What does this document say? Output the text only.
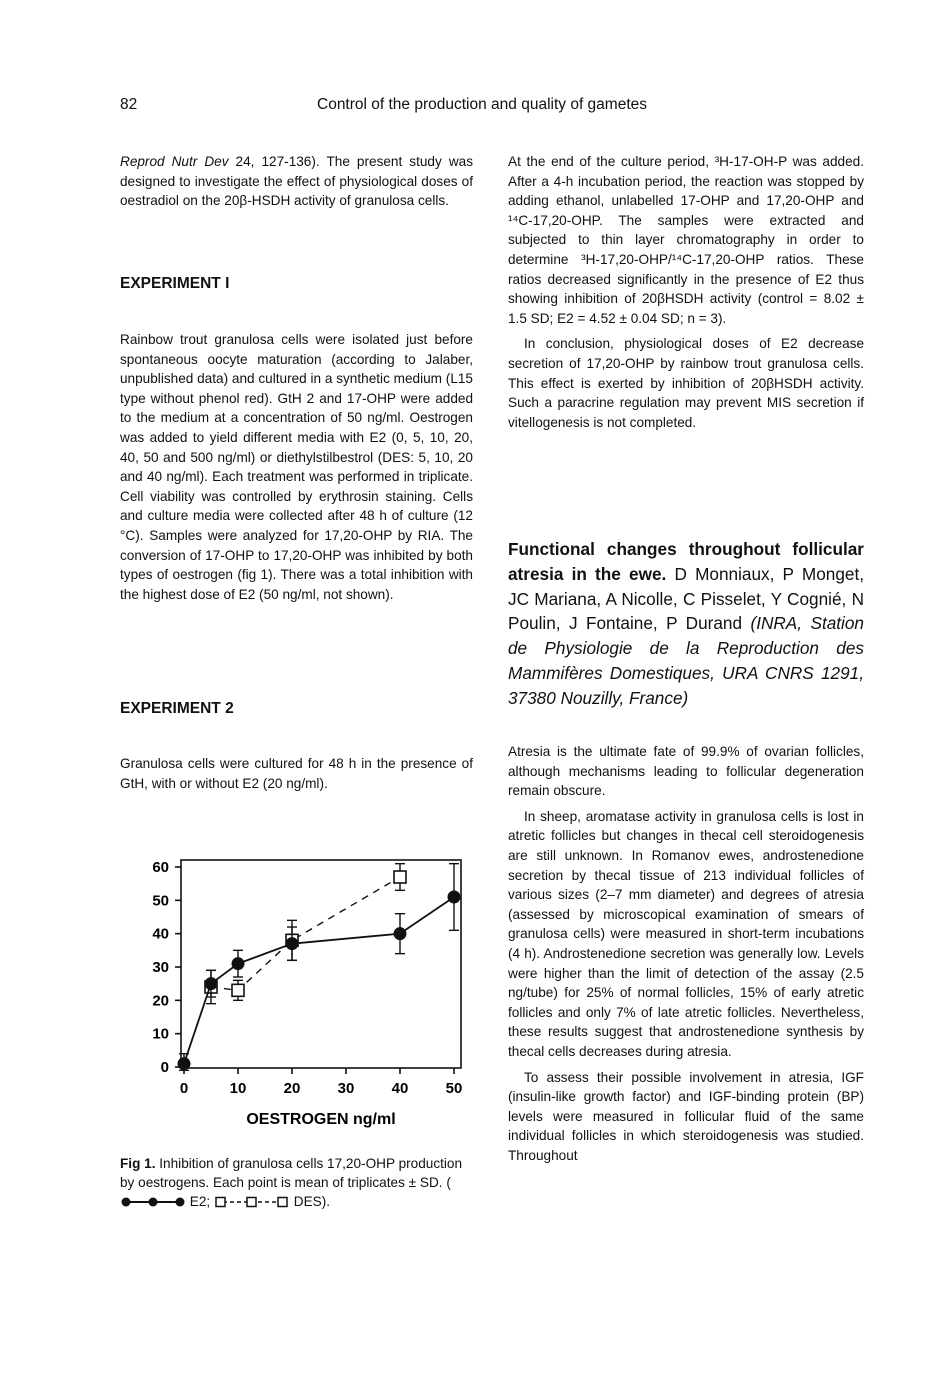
82	Control of the production and quality of gametes

Reprod Nutr Dev 24, 127-136). The present study was designed to investigate the effect of physiological doses of oestradiol on the 20β-HSDH activity of granulosa cells.

EXPERIMENT I

Rainbow trout granulosa cells were isolated just before spontaneous oocyte maturation (according to Jalaber, unpublished data) and cultured in a synthetic medium (L15 type without phenol red). GtH 2 and 17-OHP were added to the medium at a concentration of 50 ng/ml. Oestrogen was added to yield different media with E2 (0, 5, 10, 20, 40, 50 and 500 ng/ml) or diethylstilbestrol (DES: 5, 10, 20 and 40 ng/ml). Each treatment was performed in triplicate. Cell viability was controlled by erythrosin staining. Cells and culture media were collected after 48 h of culture (12 °C). Samples were analyzed for 17,20-OHP by RIA. The conversion of 17-OHP to 17,20-OHP was inhibited by both types of oestrogen (fig 1). There was a total inhibition with the highest dose of E2 (50 ng/ml, not shown).

EXPERIMENT 2

Granulosa cells were cultured for 48 h in the presence of GtH, with or without E2 (20 ng/ml).

0
10
20
30
40
50
60
0	10 20 30 40 50
OESTROGEN ng/ml
Fig 1. Inhibition of granulosa cells 17,20-OHP production by oestrogens. Each point is mean of triplicates ± SD. ( E2;	DES).

At the end of the culture period, ³H-17-OH-P was added. After a 4-h incubation period, the reaction was stopped by adding ethanol, unlabelled 17-OHP and 17,20-OHP and ¹⁴C-17,20-OHP. The samples were extracted and subjected to thin layer chromatography in order to determine ³H-17,20-OHP/¹⁴C-17,20-OHP ratios. These ratios decreased significantly in the presence of E2 thus showing inhibition of 20βHSDH activity (control = 8.02 ± 1.5 SD; E2 = 4.52 ± 0.04 SD; n = 3).

In conclusion, physiological doses of E2 decrease secretion of 17,20-OHP by rainbow trout granulosa cells. This effect is exerted by inhibition of 20βHSDH activity. Such a paracrine regulation may prevent MIS secretion if vitellogenesis is not completed.

Functional changes throughout follicular atresia in the ewe. D Monniaux, P Monget, JC Mariana, A Nicolle, C Pisselet, Y Cognié, N Poulin, J Fontaine, P Durand (INRA, Station de Physiologie de la Reproduction des Mammifères Domestiques, URA CNRS 1291, 37380 Nouzilly, France)

Atresia is the ultimate fate of 99.9% of ovarian follicles, although mechanisms leading to follicular degeneration remain obscure.

In sheep, aromatase activity in granulosa cells is lost in atretic follicles but changes in thecal cell steroidogenesis are still unknown. In Romanov ewes, androstenedione secretion by thecal tissue of 213 individual follicles of various sizes (2–7 mm diameter) and degrees of atresia (assessed by microscopical examination of smears of granulosa cells) were measured in short-term incubations (4 h). Androstenedione secretion was generally low. Levels were higher than the limit of detection of the assay (2.5 ng/tube) for 25% of normal follicles, 15% of early atretic follicles and only 7% of late atretic follicles. Nevertheless, these results suggest that androstenedione synthesis by thecal cells decreases during atresia.

To assess their possible involvement in atresia, IGF (insulin-like growth factor) and IGF-binding protein (BP) levels were measured in follicular fluid of the same individual follicles in which steroidogenesis was studied. Throughout
